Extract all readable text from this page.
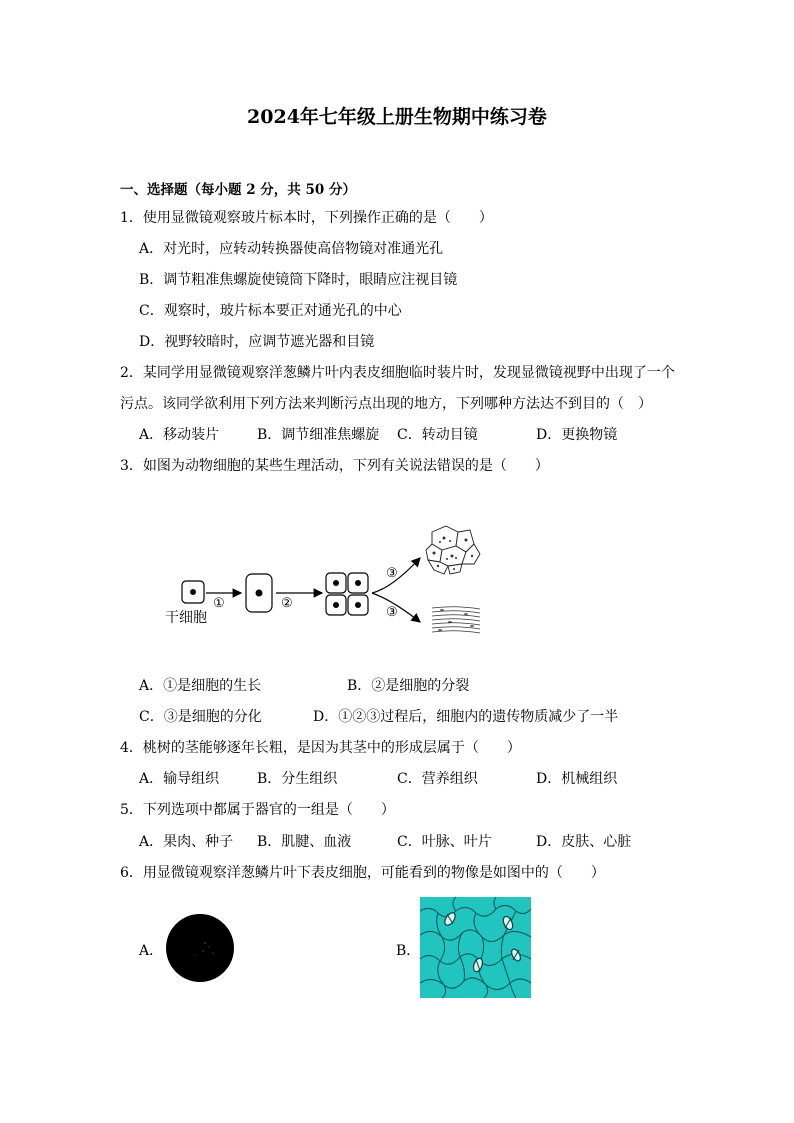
2024年七年级上册生物期中练习卷
一、选择题（每小题 2 分，共 50 分）
1．使用显微镜观察玻片标本时，下列操作正确的是（　　）
A．对光时，应转动转换器使高倍物镜对准通光孔
B．调节粗准焦螺旋使镜筒下降时，眼睛应注视目镜
C．观察时，玻片标本要正对通光孔的中心
D．视野较暗时，应调节遮光器和目镜
2．某同学用显微镜观察洋葱鳞片叶内表皮细胞临时装片时，发现显微镜视野中出现了一个
污点。该同学欲利用下列方法来判断污点出现的地方，下列哪种方法达不到目的（　）
A．移动装片	B．调节细准焦螺旋 C．转动目镜	D．更换物镜
3．如图为动物细胞的某些生理活动，下列有关说法错误的是（　　）
干细胞
①	②
③
③
A．①是细胞的生长	B．②是细胞的分裂
C．③是细胞的分化	D．①②③过程后，细胞内的遗传物质减少了一半
4．桃树的茎能够逐年长粗，是因为其茎中的形成层属于（　　）
A．输导组织	B．分生组织	C．营养组织	D．机械组织
5．下列选项中都属于器官的一组是（　　）
A．果肉、种子 B．肌腱、血液	C．叶脉、叶片	D．皮肤、心脏
6．用显微镜观察洋葱鳞片叶下表皮细胞，可能看到的物像是如图中的（　　）
A．	B．
